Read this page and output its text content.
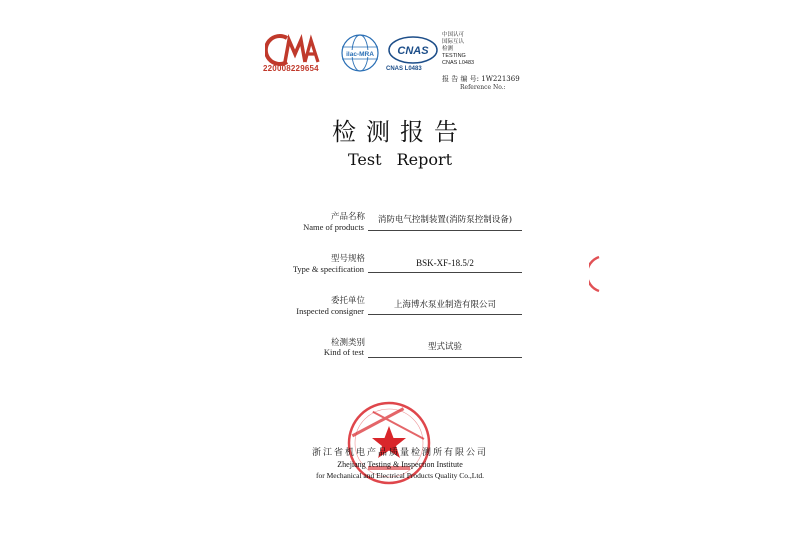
220008229654
ilac-MRA CNAS
CNAS L0483
中国认可
国际互认
检测
TESTING
CNAS L0483
报 告 编 号: 1W221369
Reference No.:
检测报告
Test Report
产品名称
Name of products
消防电气控制装置(消防泵控制设备)
型号规格
Type & specification
BSK-XF-18.5/2
委托单位
Inspected consigner
上海博水泵业制造有限公司
检测类别
Kind of test	型式试验
浙江省机电产品质量检测所有限公司
Zhejiang Testing & Inspection Institute
for Mechanical and Electrical Products Quality Co.,Ltd.
